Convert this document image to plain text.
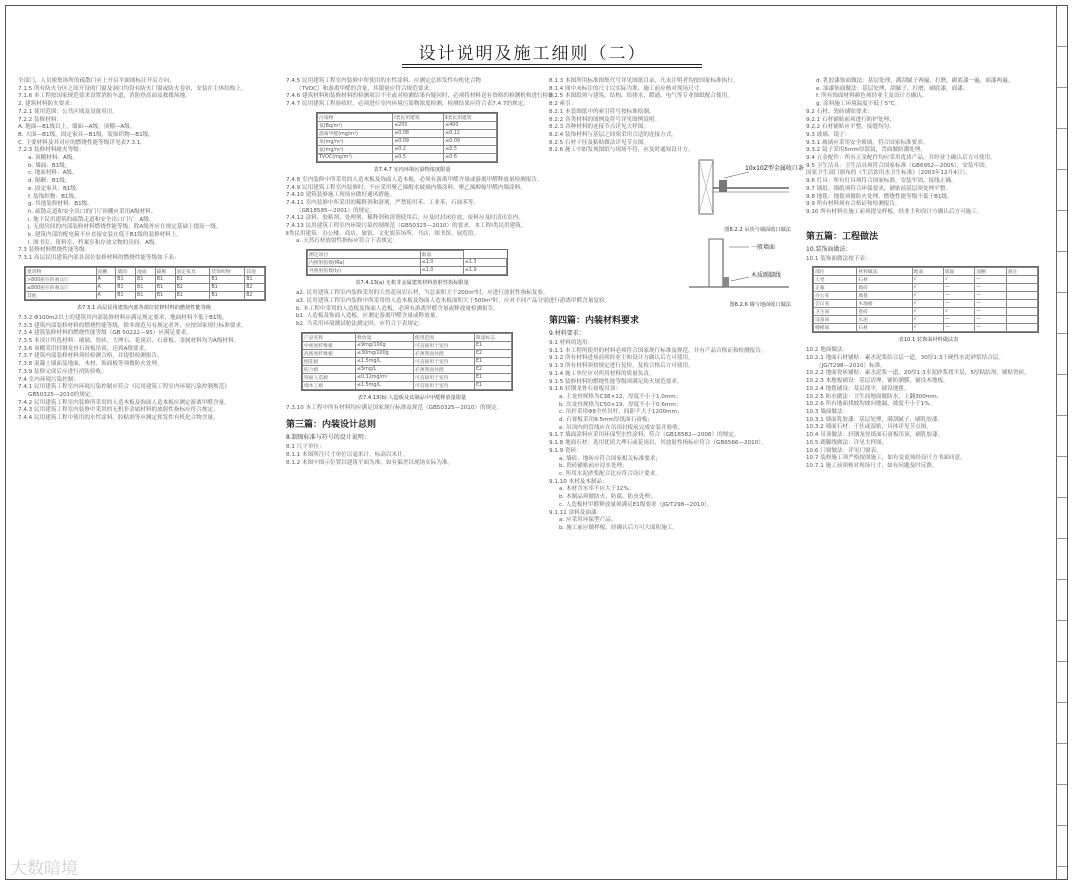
设计说明及施工细则（二）
全部门，人员密集场所的疏散门应上开启平面图标注开启方向。
7.1.5 所有防火分区之间开设的门窗及洞口均设有防火门窗或防火卷帘，安装在主体结构上。
7.1.6 本工程按国家规范要求设置消防车道，消防登高面及救援场地。
2. 建筑材料防火要求：
7.2.1 使用范围：公共区域及设备用房。
7.2.2 装修材料：
A. 地面—B1级以上，墙面—A级，顶棚—A级。
B. 大面—B1级，固定家具—B1级，装饰织物—B1级。
C. 主要材料及其对应的燃烧性能等级详见表7.3.1。
7.2.3 装修材料耐火等级：
a. 顶棚材料：A级。
b. 墙面：B1级。
c. 地面材料：A级。
d. 隔断：B1级。
e. 固定家具：B1级。
f. 装饰织物：B1级。
g. 其他装修材料：B1级。
h. 疏散走道和安全出口的门厅顶棚应采用A级材料。
i. 地下民用建筑的疏散走道和安全出口门厅：A级。
j. 无窗房间的内部装修材料燃烧性能等级，除A级外应在规定基础上提高一级。
k. 建筑内部的配电箱不应直接安装在低于B1级的装修材料上。
l. 图书室、资料室、档案室和存放文物的房间：A级。
7.3 装修材料燃烧性能等级：
7.3.1 高层民用建筑内部各部位装修材料的燃烧性能等级如下表：
建筑物	顶棚	墙面	地面	隔断	固定家具	装饰织物	其他
>800座位的观众厅	A	B1	B1	B1	B1	B1	B1
≤800座位的观众厅	A	B1	B1	B1	B2	B1	B2
其他	A	B1	B1	B1	B1	B1	B2
表7.3.1 高层民用建筑内部各部位装修材料的燃烧性能等级
7.3.2 Φ100m2以上的建筑其内部装修材料应满足规定要求，地面材料不低于B1级。
7.3.3 建筑内部装修材料的燃烧性能等级，除本规范另有规定者外，应按国家现行标准要求。
7.3.4 建筑装修材料的燃烧性能等级（GB 50222—95）应满足要求。
7.3.5 本设计所选材料：玻璃、瓷砖、大理石、花岗岩、石膏板、金属材料均为A级材料。
7.3.6 顶棚采用轻钢龙骨石膏板吊顶，达到A级要求。
7.3.7 建筑内部装修材料须经检测合格，并提供检测报告。
7.3.8 混凝土墙面及地面，木材、饰面板等须做防火处理。
7.3.9 装修完成后应进行消防验收。
7.4 室内环境污染控制：
7.4.1 民用建筑工程室内环境污染控制应符合《民用建筑工程室内环境污染控制规范》
GB50325—2010的规定。
7.4.2 民用建筑工程室内装修所采用的人造木板及饰面人造木板应测定游离甲醛含量。
7.4.3 民用建筑工程室内装修中采用的无机非金属材料的放射性指标应符合规定。
7.4.4 民用建筑工程中使用的水性涂料、胶粘剂等应测定挥发性有机化合物含量。
7.4.5 民用建筑工程室内装修中所使用的水性涂料，应测定总挥发性有机化合物
（TVOC）和游离甲醛的含量，其限量应符合规范要求。
7.4.6 建筑材料和装修材料的检测项目不全或对检测结果有疑问时，必须将材料送有资格的检测机构进行检验。
7.4.7 民用建筑工程验收时，必须进行室内环境污染物浓度检测，检测结果应符合表7.4.7的规定。
污染物	Ⅰ类民用建筑	Ⅱ类民用建筑
氡(Bq/m³)	≤200	≤400
游离甲醛(mg/m³)	≤0.08	≤0.12
苯(mg/m³)	≤0.09	≤0.09
氨(mg/m³)	≤0.2	≤0.5
TVOC(mg/m³)	≤0.5	≤0.6
表7.4.7 室内环境污染物浓度限量
7.4.8 室内装修中所采用的人造木板及饰面人造木板，必须有游离甲醛含量或游离甲醛释放量检测报告。
7.4.9 民用建筑工程室内装修时，不应采用聚乙烯醇水玻璃内墙涂料、聚乙烯醇缩甲醛内墙涂料。
7.4.10 建筑装修施工现场应做好通风措施。
7.4.11 室内装修中所采用的稀释剂和溶剂，严禁使用苯、工业苯、石油苯等。
（GB18585—2001）的规定。
7.4.12 涂料、胶粘剂、处理剂、稀释剂和溶剂使用后，应及时封闭存放，废料应及时清出室内。
7.4.13 民用建筑工程室内环境污染控制规范（GB50325—2010）的要求，本工程Ⅰ类民用建筑。
Ⅱ类民用建筑：办公楼、商店、旅馆、文化娱乐场所、书店、图书馆、展览馆。
a. 天然石材放射性指标应符合下表规定：
测定项目	限量	
内照射指数(IRa)	≤1.0	≤1.3
外照射指数(Iγ)	≤1.0	≤1.9
表7.4.13(a) 无机非金属建筑材料放射性指标限量
a2. 民用建筑工程室内装修采用的天然花岗岩石材，当总面积大于200m²时，应进行放射性指标复验。
a3. 民用建筑工程室内装修中所采用的人造木板及饰面人造木板面积大于500m²时，应对不同产品分别进行游离甲醛含量复验。
b. 本工程中采用的人造板及饰面人造板，必须有游离甲醛含量或释放量检测报告。
b1. 人造板及饰面人造板，应测定游离甲醛含量或释放量。
b2. 当采用环境测试舱法测定时，应符合下表规定：
产品名称	释放量	使用范围	限量标志
中密度纤维板	≤9mg/100g	可直接用于室内	E1
高密度纤维板	≤30mg/100g	必须饰面处理	E2
刨花板	≤1.5mg/L	可直接用于室内	E1
胶合板	≤5mg/L	必须饰面处理	E2
饰面人造板	≤0.12mg/m³	可直接用于室内	E1
细木工板	≤1.5mg/L	可直接用于室内	E1
表7.4.13(b) 人造板及其制品中甲醛释放量限量
7.3.10 本工程中所有材料均应满足国家现行标准及规范（GB50325—2010）的规定。
第三篇：内装设计总则
8.制图标准与符号的设计说明：
8.1 尺寸单位：
8.1.1 本图所注尺寸单位以毫米计，标高以米计。
8.1.2 本图中图示位置以建筑平面为准，如有偏差以现场实际为准。
8.1.3 本图所用标准图集代号详见图纸目录，凡未注明者均按国家标准执行。
8.1.4 图中未标注的尺寸以实际为准，施工前应核对现场尺寸。
8.1.5 本图纸须与建筑、结构、给排水、暖通、电气等专业图纸配合使用。
8.2 索引：
8.2.1 本套图纸中的索引符号按标准绘制。
8.2.2 各类材料的图例及符号详见图例说明。
8.2.3 各种材料的连接节点详见大样图。
8.2.4 装饰材料与基层之间须采用合适的连接方式。
8.2.5 石材干挂及粘贴做法详见节点图。
8.2.6 施工中如发现图纸与现场不符，应及时通知设计方。
10x10Z型金属收口条
图8.2.2 吊顶与墙面收口做法
一般墙面
木质踢脚线
图8.2.6 墙与地面收口做法
第四篇：内装材料要求
9.材料要求：
9.1 材料的选用：
9.1.1 本工程所使用的材料必须符合国家现行标准及规范，并有产品合格证和检测报告。
9.1.2 所有材料进场前须经业主和设计方确认后方可使用。
9.1.3 所有材料须按规定进行复检，复检合格后方可使用。
9.1.4 施工单位应对所用材料的质量负责。
9.1.5 装修材料的燃烧性能等级须满足防火规范要求。
9.1.6 轻钢龙骨石膏板吊顶：
a. 主龙骨规格为C38×12，厚度不小于1.0mm；
b. 次龙骨规格为C50×19，厚度不小于0.6mm；
c. 吊杆采用Φ8全丝吊杆，间距不大于1200mm；
d. 石膏板采用9.5mm厚纸面石膏板；
e. 吊顶内的管线应在吊顶封板前完成安装并验收。
9.1.7 墙面涂料应采用环保型水性涂料，符合（GB18582—2008）的规定。
9.1.8 地面石材：选用优质大理石或花岗岩，其放射性指标应符合（GB6566—2010）。
9.1.9 瓷砖：
a. 墙砖、地砖应符合国家相关标准要求；
b. 瓷砖铺贴前应浸水处理；
c. 所用水泥砂浆配合比应符合设计要求。
9.1.10 木材及木制品：
a. 木材含水率不应大于12%；
b. 木制品须做防火、防腐、防虫处理；
c. 人造板材甲醛释放量须满足E1级要求（JG/T298—2010）。
9.1.11 涂料及油漆：
a. 应采用环保型产品；
b. 施工前应做样板，经确认后方可大面积施工。
d. 乳胶漆饰面做法：基层处理，满刮腻子两遍，打磨，刷底漆一遍，面漆两遍。
e. 油漆饰面做法：基层处理，刮腻子，打磨，刷底漆，面漆。
f. 所有饰面材料颜色须经业主及设计方确认。
g. 涂料施工环境温度不低于5℃。
9.2 石材、瓷砖铺贴要求：
9.2.1 石材铺贴前须进行防护处理；
9.2.2 石材铺贴应平整，接缝均匀。
9.3 玻璃、镜子：
9.3.1 玻璃应采用安全玻璃，符合国家标准要求。
9.3.2 镜子采用5mm厚银镜，背面做防潮处理。
9.4 五金配件：所有五金配件均应采用优质产品，并经业主确认后方可使用。
9.5 卫生洁具：卫生洁具须符合国家标准（GB6952—2005），安装牢固。
国家卫生部门颁布的《生活饮用水卫生标准》（2003年12月4日）。
9.6 灯具：所有灯具须符合国家标准，安装牢固，接线正确。
9.7 墙纸：墙纸须符合环保要求，铺贴前基层须处理平整。
9.8 地毯：地毯须做防火处理，燃烧性能等级不低于B1级。
9.9 所有材料须有合格证和检测报告。
9.10 所有材料在施工前须提交样板，经业主和设计方确认后方可施工。
第五篇：工程做法
10.装饰面做法：
10.1 装饰面做法按下表：
部位	材料做法	地面	墙面	顶棚	备注
大堂	石材	√	√	—	
走廊	地砖	√	—	—	
办公室	地毯	√	—	—	
会议室	木地板	√	—	—	
卫生间	瓷砖	√	√	—	
设备间	水泥	√	—	—	
楼梯间	石材	√	—	—	
表10.1 装饰面材料做法表
10.2 地面做法：
10.2.1 地面石材铺贴：素水泥浆结合层一道，30厚1:3干硬性水泥砂浆结合层。
（JG/T298—2010）标准。
10.2.2 地面瓷砖铺贴：素水泥浆一道，20厚1:3水泥砂浆找平层，5厚粘结剂，铺贴瓷砖。
10.2.3 木地板铺设：基层清理，铺防潮膜，铺设木地板。
10.2.4 地毯铺设：基层找平，铺设地毯。
10.2.5 防水做法：卫生间地面做防水，上翻300mm。
10.2.6 所有地面找坡均坡向地漏，坡度不小于1%。
10.3 墙面做法：
10.3.1 墙面乳胶漆：基层处理，满刮腻子，刷乳胶漆。
10.3.2 墙面石材：干挂或湿贴，具体详见节点图。
10.4 吊顶做法：轻钢龙骨纸面石膏板吊顶，刷乳胶漆。
10.5 踢脚线做法：详见大样图。
10.6 门窗做法：详见门窗表。
10.7 装修施工须严格按图施工，如有变更须经设计方书面同意。
10.7.1 施工前须核对现场尺寸，如有问题及时反馈。
大数暗境
